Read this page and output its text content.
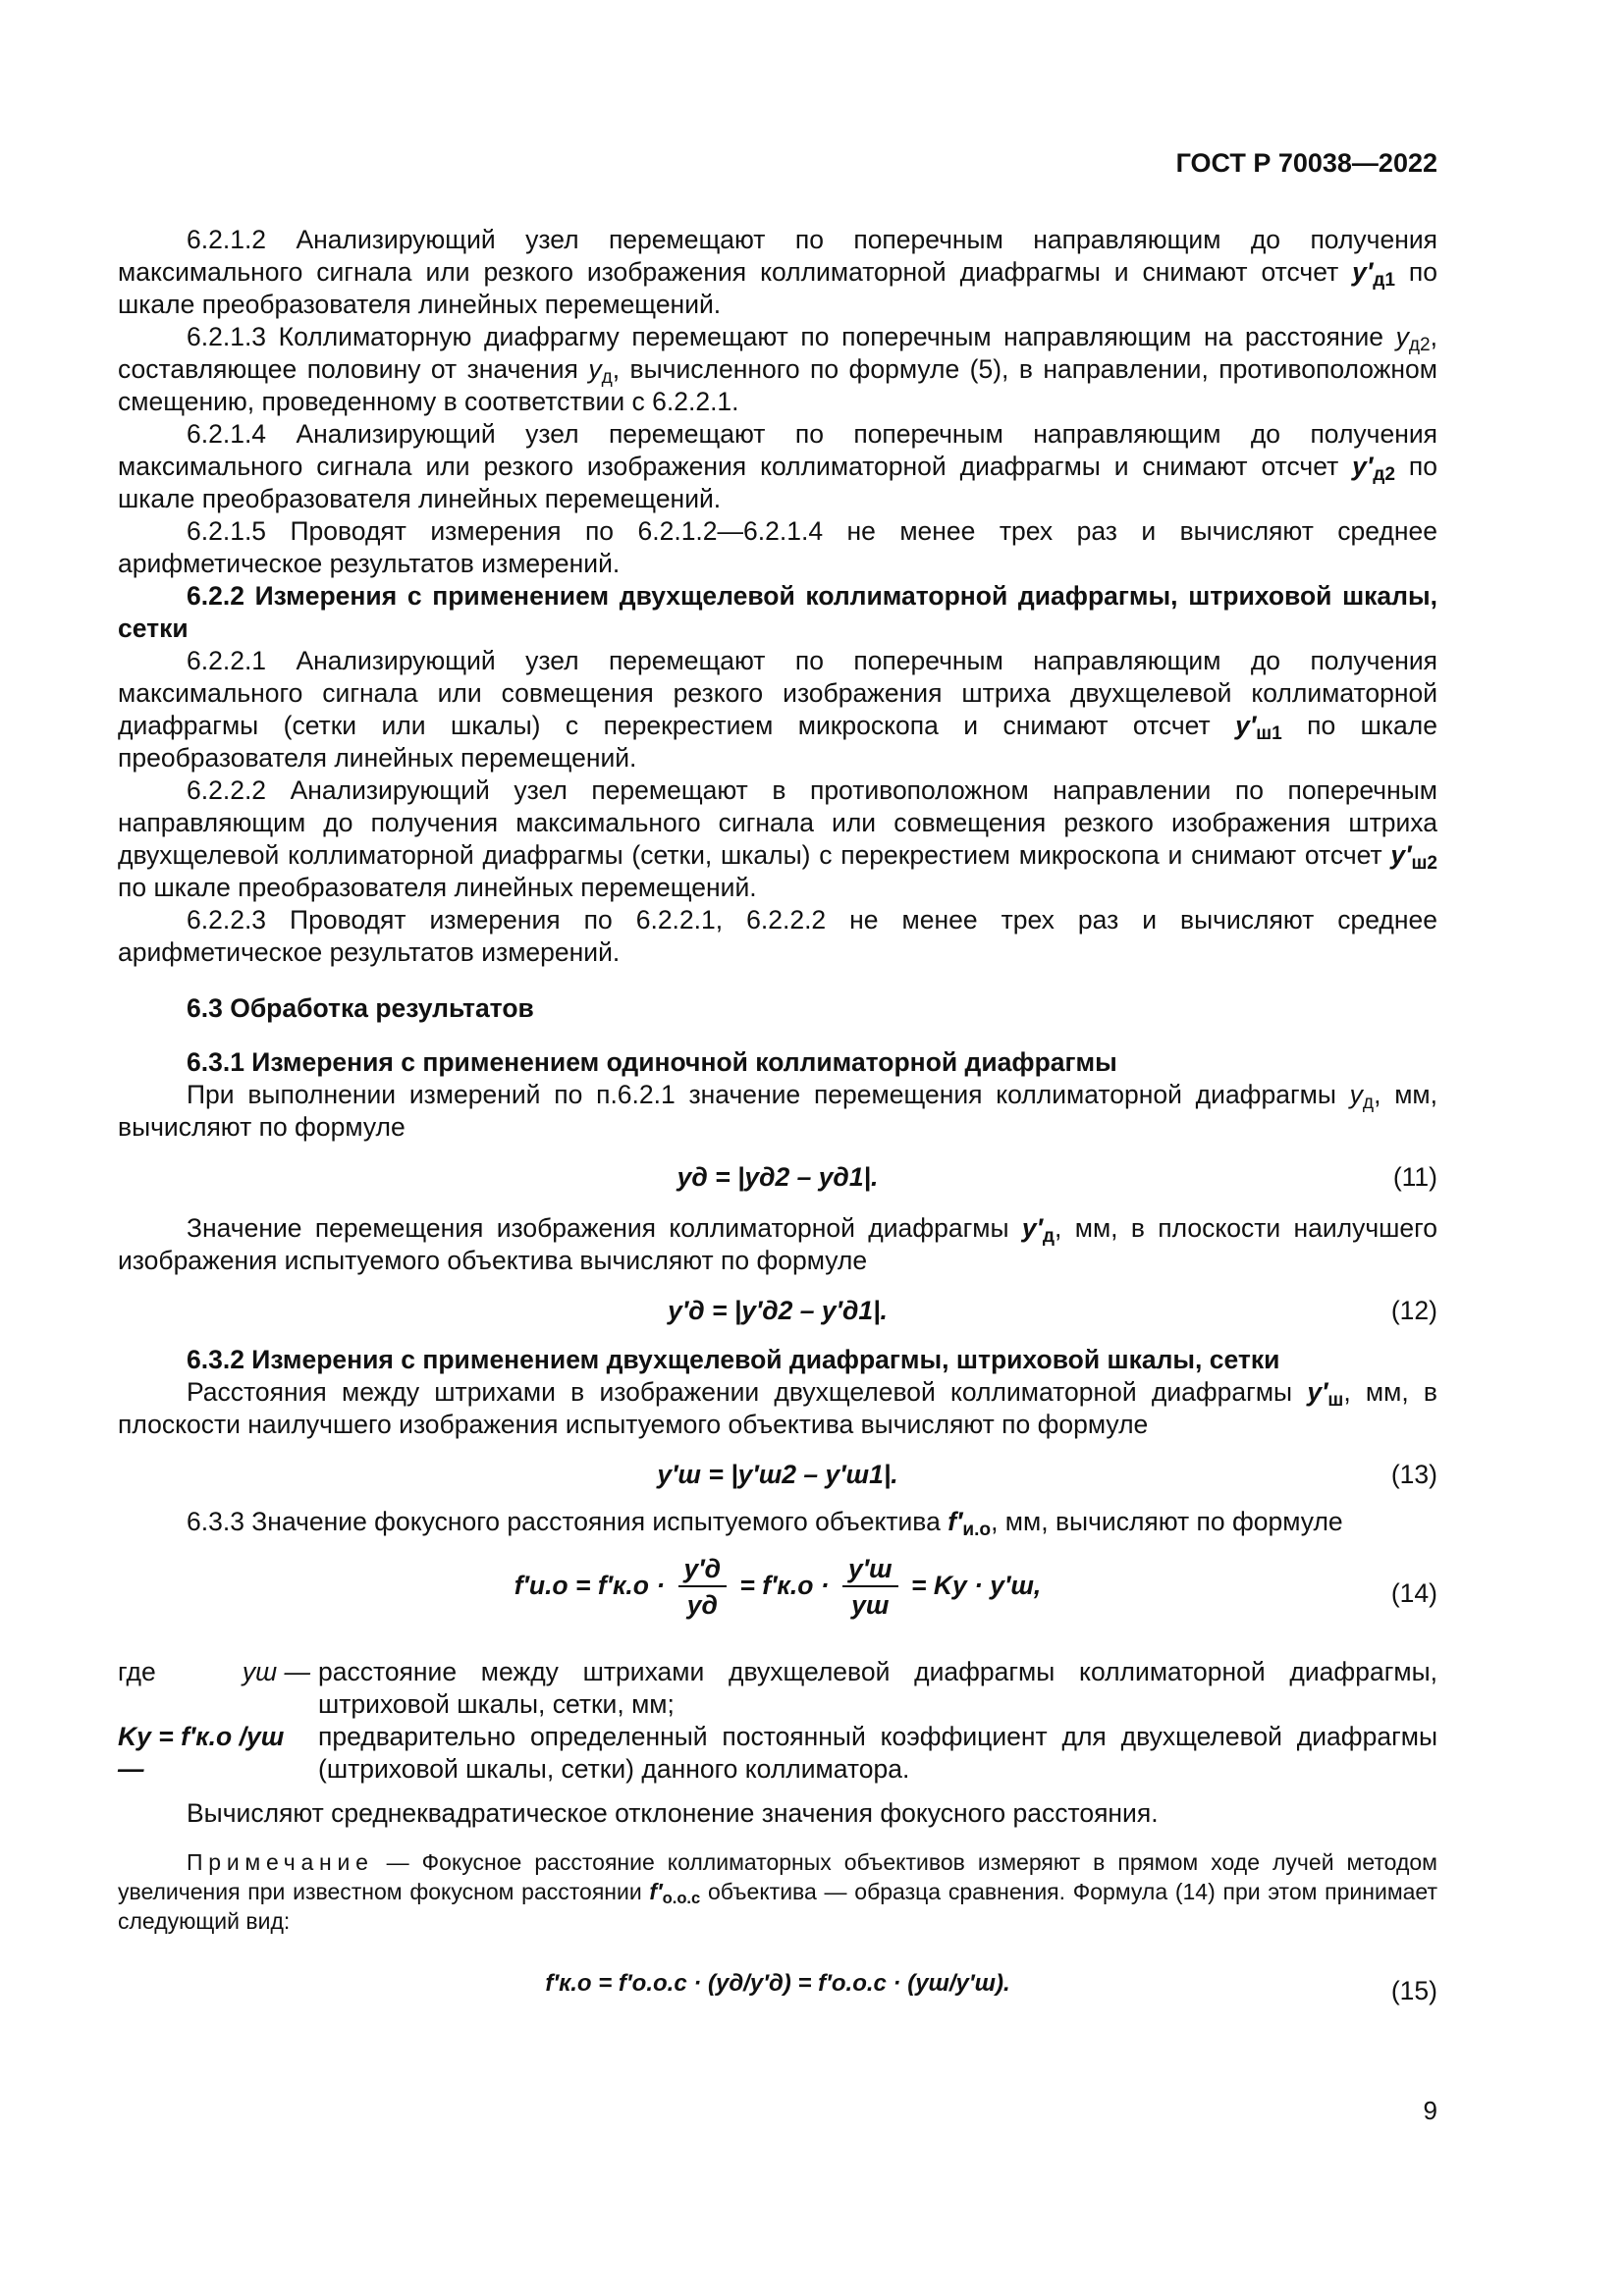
ГОСТ Р 70038—2022

6.2.1.2 Анализирующий узел перемещают по поперечным направляющим до получения максимального сигнала или резкого изображения коллиматорной диафрагмы и снимают отсчет $y'_{д1}$ по шкале преобразователя линейных перемещений.

6.2.1.3 Коллиматорную диафрагму перемещают по поперечным направляющим на расстояние $y_{д2}$, составляющее половину от значения $y_д$, вычисленного по формуле (5), в направлении, противоположном смещению, проведенному в соответствии с 6.2.2.1.

6.2.1.4 Анализирующий узел перемещают по поперечным направляющим до получения максимального сигнала или резкого изображения коллиматорной диафрагмы и снимают отсчет $y'_{д2}$ по шкале преобразователя линейных перемещений.

6.2.1.5 Проводят измерения по 6.2.1.2—6.2.1.4 не менее трех раз и вычисляют среднее арифметическое результатов измерений.

6.2.2 Измерения с применением двухщелевой коллиматорной диафрагмы, штриховой шкалы, сетки

6.2.2.1 Анализирующий узел перемещают по поперечным направляющим до получения максимального сигнала или совмещения резкого изображения штриха двухщелевой коллиматорной диафрагмы (сетки или шкалы) с перекрестием микроскопа и снимают отсчет $y'_{ш1}$ по шкале преобразователя линейных перемещений.

6.2.2.2 Анализирующий узел перемещают в противоположном направлении по поперечным направляющим до получения максимального сигнала или совмещения резкого изображения штриха двухщелевой коллиматорной диафрагмы (сетки, шкалы) с перекрестием микроскопа и снимают отсчет $y'_{ш2}$ по шкале преобразователя линейных перемещений.

6.2.2.3 Проводят измерения по 6.2.2.1, 6.2.2.2 не менее трех раз и вычисляют среднее арифметическое результатов измерений.

6.3 Обработка результатов

6.3.1 Измерения с применением одиночной коллиматорной диафрагмы

При выполнении измерений по п.6.2.1 значение перемещения коллиматорной диафрагмы $y_д$, мм, вычисляют по формуле

yд = |yд2 – yд1|.	(11)

Значение перемещения изображения коллиматорной диафрагмы $y'_д$, мм, в плоскости наилучшего изображения испытуемого объектива вычисляют по формуле

y′д = |y′д2 – y′д1|.	(12)

6.3.2 Измерения с применением двухщелевой диафрагмы, штриховой шкалы, сетки

Расстояния между штрихами в изображении двухщелевой коллиматорной диафрагмы $y'_ш$, мм, в плоскости наилучшего изображения испытуемого объектива вычисляют по формуле

y′ш = |y′ш2 – y′ш1|.	(13)

6.3.3 Значение фокусного расстояния испытуемого объектива $f'_{и.о}$, мм, вычисляют по формуле

$f'и.о = f'к.о \cdot \frac{y'д}{yд} = f'к.о \cdot \frac{y'ш}{yш}$ = Kу · y′ш,	(14)
где	yш — расстояние между штрихами двухщелевой диафрагмы коллиматорной диафрагмы, штриховой шкалы, сетки, мм;

Kу = f′к.о /yш —

предварительно определенный постоянный коэффициент для двухщелевой диафрагмы (штриховой шкалы, сетки) данного коллиматора.

Вычисляют среднеквадратическое отклонение значения фокусного расстояния.

Примечание — Фокусное расстояние коллиматорных объективов измеряют в прямом ходе лучей методом увеличения при известном фокусном расстоянии $f'_{о.о.с}$ объектива — образца сравнения. Формула (14) при этом принимает следующий вид:

f′к.о = f′о.о.с · (yд/y′д) = f′о.о.с · (yш/y′ш).	(15)
9
